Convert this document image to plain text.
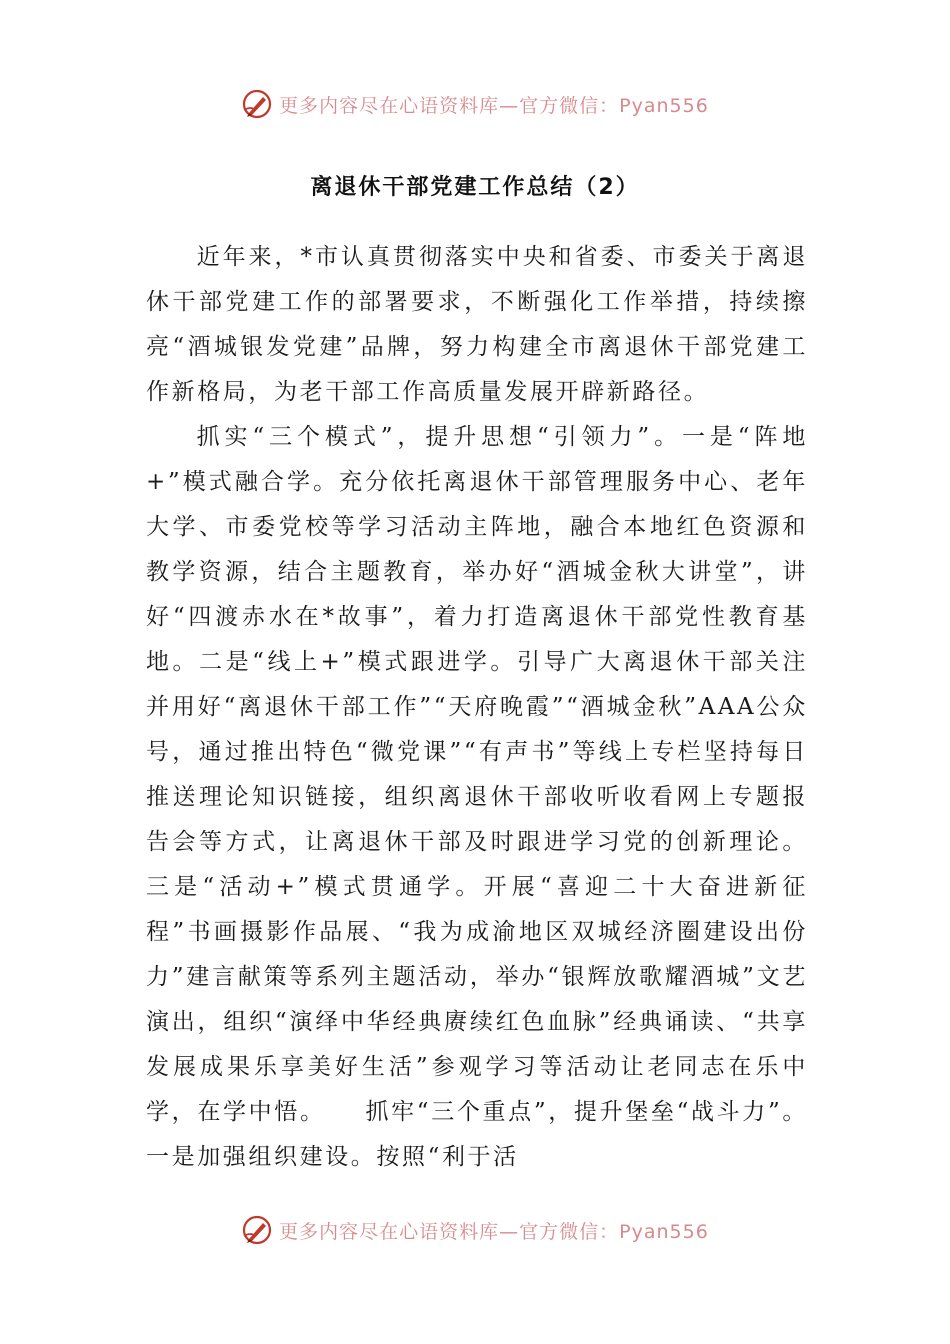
更多内容尽在心语资料库—官方微信：Pyan556
离退休干部党建工作总结（2）

近年来，*市认真贯彻落实中央和省委、市委关于离退休干部党建工作的部署要求，不断强化工作举措，持续擦亮“酒城银发党建”品牌，努力构建全市离退休干部党建工作新格局，为老干部工作高质量发展开辟新路径。

抓实“三个模式”，提升思想“引领力”。一是“阵地+”模式融合学。充分依托离退休干部管理服务中心、老年大学、市委党校等学习活动主阵地，融合本地红色资源和教学资源，结合主题教育，举办好“酒城金秋大讲堂”，讲好“四渡赤水在*故事”，着力打造离退休干部党性教育基地。二是“线上+”模式跟进学。引导广大离退休干部关注并用好“离退休干部工作”“天府晚霞”“酒城金秋”AAA公众号，通过推出特色“微党课”“有声书”等线上专栏坚持每日推送理论知识链接，组织离退休干部收听收看网上专题报告会等方式，让离退休干部及时跟进学习党的创新理论。三是“活动+”模式贯通学。开展“喜迎二十大奋进新征程”书画摄影作品展、“我为成渝地区双城经济圈建设出份力”建言献策等系列主题活动，举办“银辉放歌耀酒城”文艺演出，组织“演绎中华经典赓续红色血脉”经典诵读、“共享发展成果乐享美好生活”参观学习等活动让老同志在乐中学，在学中悟。　　抓牢“三个重点”，提升堡垒“战斗力”。一是加强组织建设。按照“利于活

更多内容尽在心语资料库—官方微信：Pyan556
